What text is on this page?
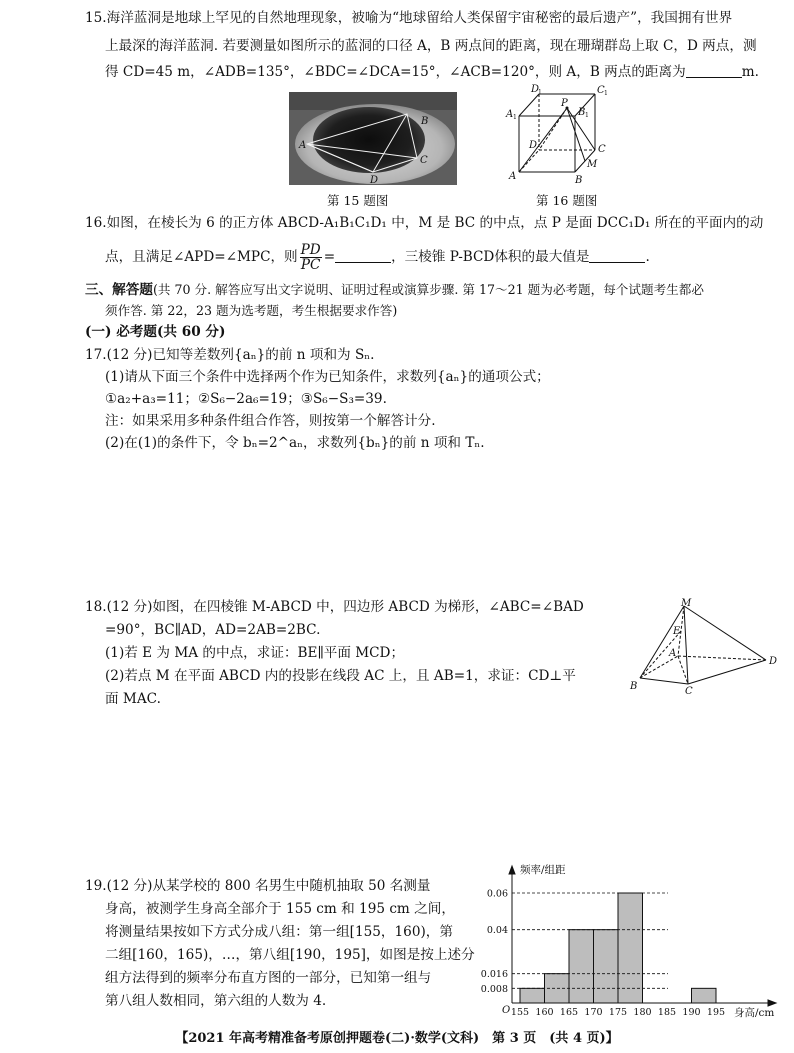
15.海洋蓝洞是地球上罕见的自然地理现象，被喻为“地球留给人类保留宇宙秘密的最后遗产”，我国拥有世界
上最深的海洋蓝洞. 若要测量如图所示的蓝洞的口径 A，B 两点间的距离，现在珊瑚群岛上取 C，D 两点，测
得 CD=45 m，∠ADB=135°，∠BDC=∠DCA=15°，∠ACB=120°，则 A，B 两点的距离为	m.
A
B
C
D
第 15 题图
D
1	C 1
A 1
P
B 1
D	C
M
A	B
第 16 题图
16.如图，在棱长为 6 的正方体 ABCD-A₁B₁C₁D₁ 中，M 是 BC 的中点，点 P 是面 DCC₁D₁ 所在的平面内的动
点，且满足∠APD=∠MPC，则 $\frac{PD}{PC}$ =	，三棱锥 P-BCD体积的最大值是	.
三、解答题(共 70 分. 解答应写出文字说明、证明过程或演算步骤. 第 17～21 题为必考题，每个试题考生都必
须作答. 第 22，23 题为选考题，考生根据要求作答)
(一) 必考题(共 60 分)
17.(12 分)已知等差数列{aₙ}的前 n 项和为 Sₙ.
(1)请从下面三个条件中选择两个作为已知条件，求数列{aₙ}的通项公式；
①a₂+a₃=11；②S₆−2a₆=19；③S₆−S₃=39.
注：如果采用多种条件组合作答，则按第一个解答计分.
(2)在(1)的条件下，令 bₙ=2^aₙ，求数列{bₙ}的前 n 项和 Tₙ.
18.(12 分)如图，在四棱锥 M-ABCD 中，四边形 ABCD 为梯形，∠ABC=∠BAD
=90°，BC∥AD，AD=2AB=2BC.
(1)若 E 为 MA 的中点，求证：BE∥平面 MCD；
(2)若点 M 在平面 ABCD 内的投影在线段 AC 上，且 AB=1，求证：CD⊥平
面 MAC.
M
E
A
B	C
D
19.(12 分)从某学校的 800 名男生中随机抽取 50 名测量
身高，被测学生身高全部介于 155 cm 和 195 cm 之间，
将测量结果按如下方式分成八组：第一组[155，160)，第
二组[160，165)，…，第八组[190，195]，如图是按上述分
组方法得到的频率分布直方图的一部分，已知第一组与
第八组人数相同，第六组的人数为 4.
0.008
0.016
0.04
0.06
155 160 165 170 175 180 185 190 195
频率/组距
身高/cm
O
【2021 年高考精准备考原创押题卷(二)·数学(文科)　第 3 页　(共 4 页)】
